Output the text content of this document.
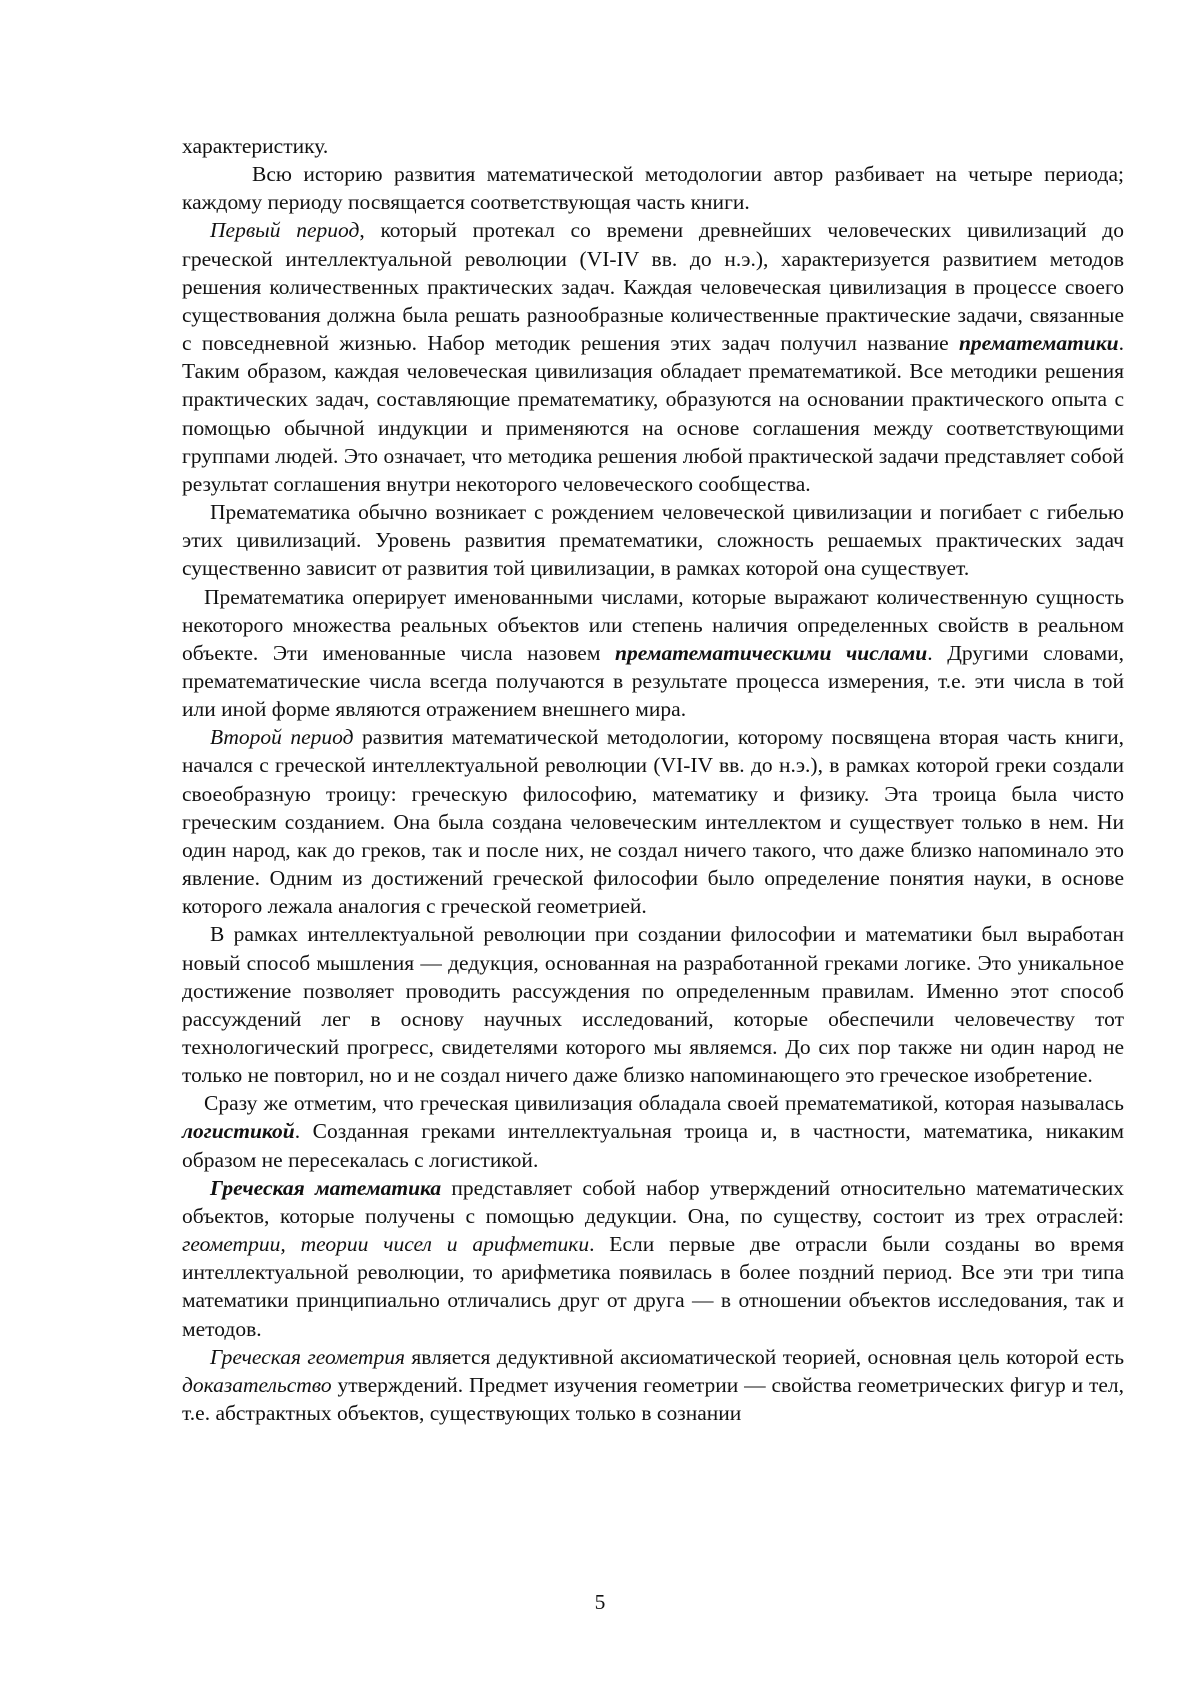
характеристику.

Всю историю развития математической методологии автор разбивает на четыре периода; каждому периоду посвящается соответствующая часть книги.

Первый период, который протекал со времени древнейших человеческих цивилизаций до греческой интеллектуальной революции (VI-IV вв. до н.э.), характеризуется развитием методов решения количественных практических задач. Каждая человеческая цивилизация в процессе своего существования должна была решать разнообразные количественные практические задачи, связанные с повседневной жизнью. Набор методик решения этих задач получил название прематематики. Таким образом, каждая человеческая цивилизация обладает прематематикой. Все методики решения практических задач, составляющие прематематику, образуются на основании практического опыта с помощью обычной индукции и применяются на основе соглашения между соответствующими группами людей. Это означает, что методика решения любой практической задачи представляет собой результат соглашения внутри некоторого человеческого сообщества.

Прематематика обычно возникает с рождением человеческой цивилизации и погибает с гибелью этих цивилизаций. Уровень развития прематематики, сложность решаемых практических задач существенно зависит от развития той цивилизации, в рамках которой она существует.

Прематематика оперирует именованными числами, которые выражают количественную сущность некоторого множества реальных объектов или степень наличия определенных свойств в реальном объекте. Эти именованные числа назовем прематематическими числами. Другими словами, прематематические числа всегда получаются в результате процесса измерения, т.е. эти числа в той или иной форме являются отражением внешнего мира.

Второй период развития математической методологии, которому посвящена вторая часть книги, начался с греческой интеллектуальной революции (VI-IV вв. до н.э.), в рамках которой греки создали своеобразную троицу: греческую философию, математику и физику. Эта троица была чисто греческим созданием. Она была создана человеческим интеллектом и существует только в нем. Ни один народ, как до греков, так и после них, не создал ничего такого, что даже близко напоминало это явление. Одним из достижений греческой философии было определение понятия науки, в основе которого лежала аналогия с греческой геометрией.

В рамках интеллектуальной революции при создании философии и математики был выработан новый способ мышления — дедукция, основанная на разработанной греками логике. Это уникальное достижение позволяет проводить рассуждения по определенным правилам. Именно этот способ рассуждений лег в основу научных исследований, которые обеспечили человечеству тот технологический прогресс, свидетелями которого мы являемся. До сих пор также ни один народ не только не повторил, но и не создал ничего даже близко напоминающего это греческое изобретение.

Сразу же отметим, что греческая цивилизация обладала своей прематематикой, которая называлась логистикой. Созданная греками интеллектуальная троица и, в частности, математика, никаким образом не пересекалась с логистикой.

Греческая математика представляет собой набор утверждений относительно математических объектов, которые получены с помощью дедукции. Она, по существу, состоит из трех отраслей: геометрии, теории чисел и арифметики. Если первые две отрасли были созданы во время интеллектуальной революции, то арифметика появилась в более поздний период. Все эти три типа математики принципиально отличались друг от друга — в отношении объектов исследования, так и методов.

Греческая геометрия является дедуктивной аксиоматической теорией, основная цель которой есть доказательство утверждений. Предмет изучения геометрии — свойства геометрических фигур и тел, т.е. абстрактных объектов, существующих только в сознании

5
